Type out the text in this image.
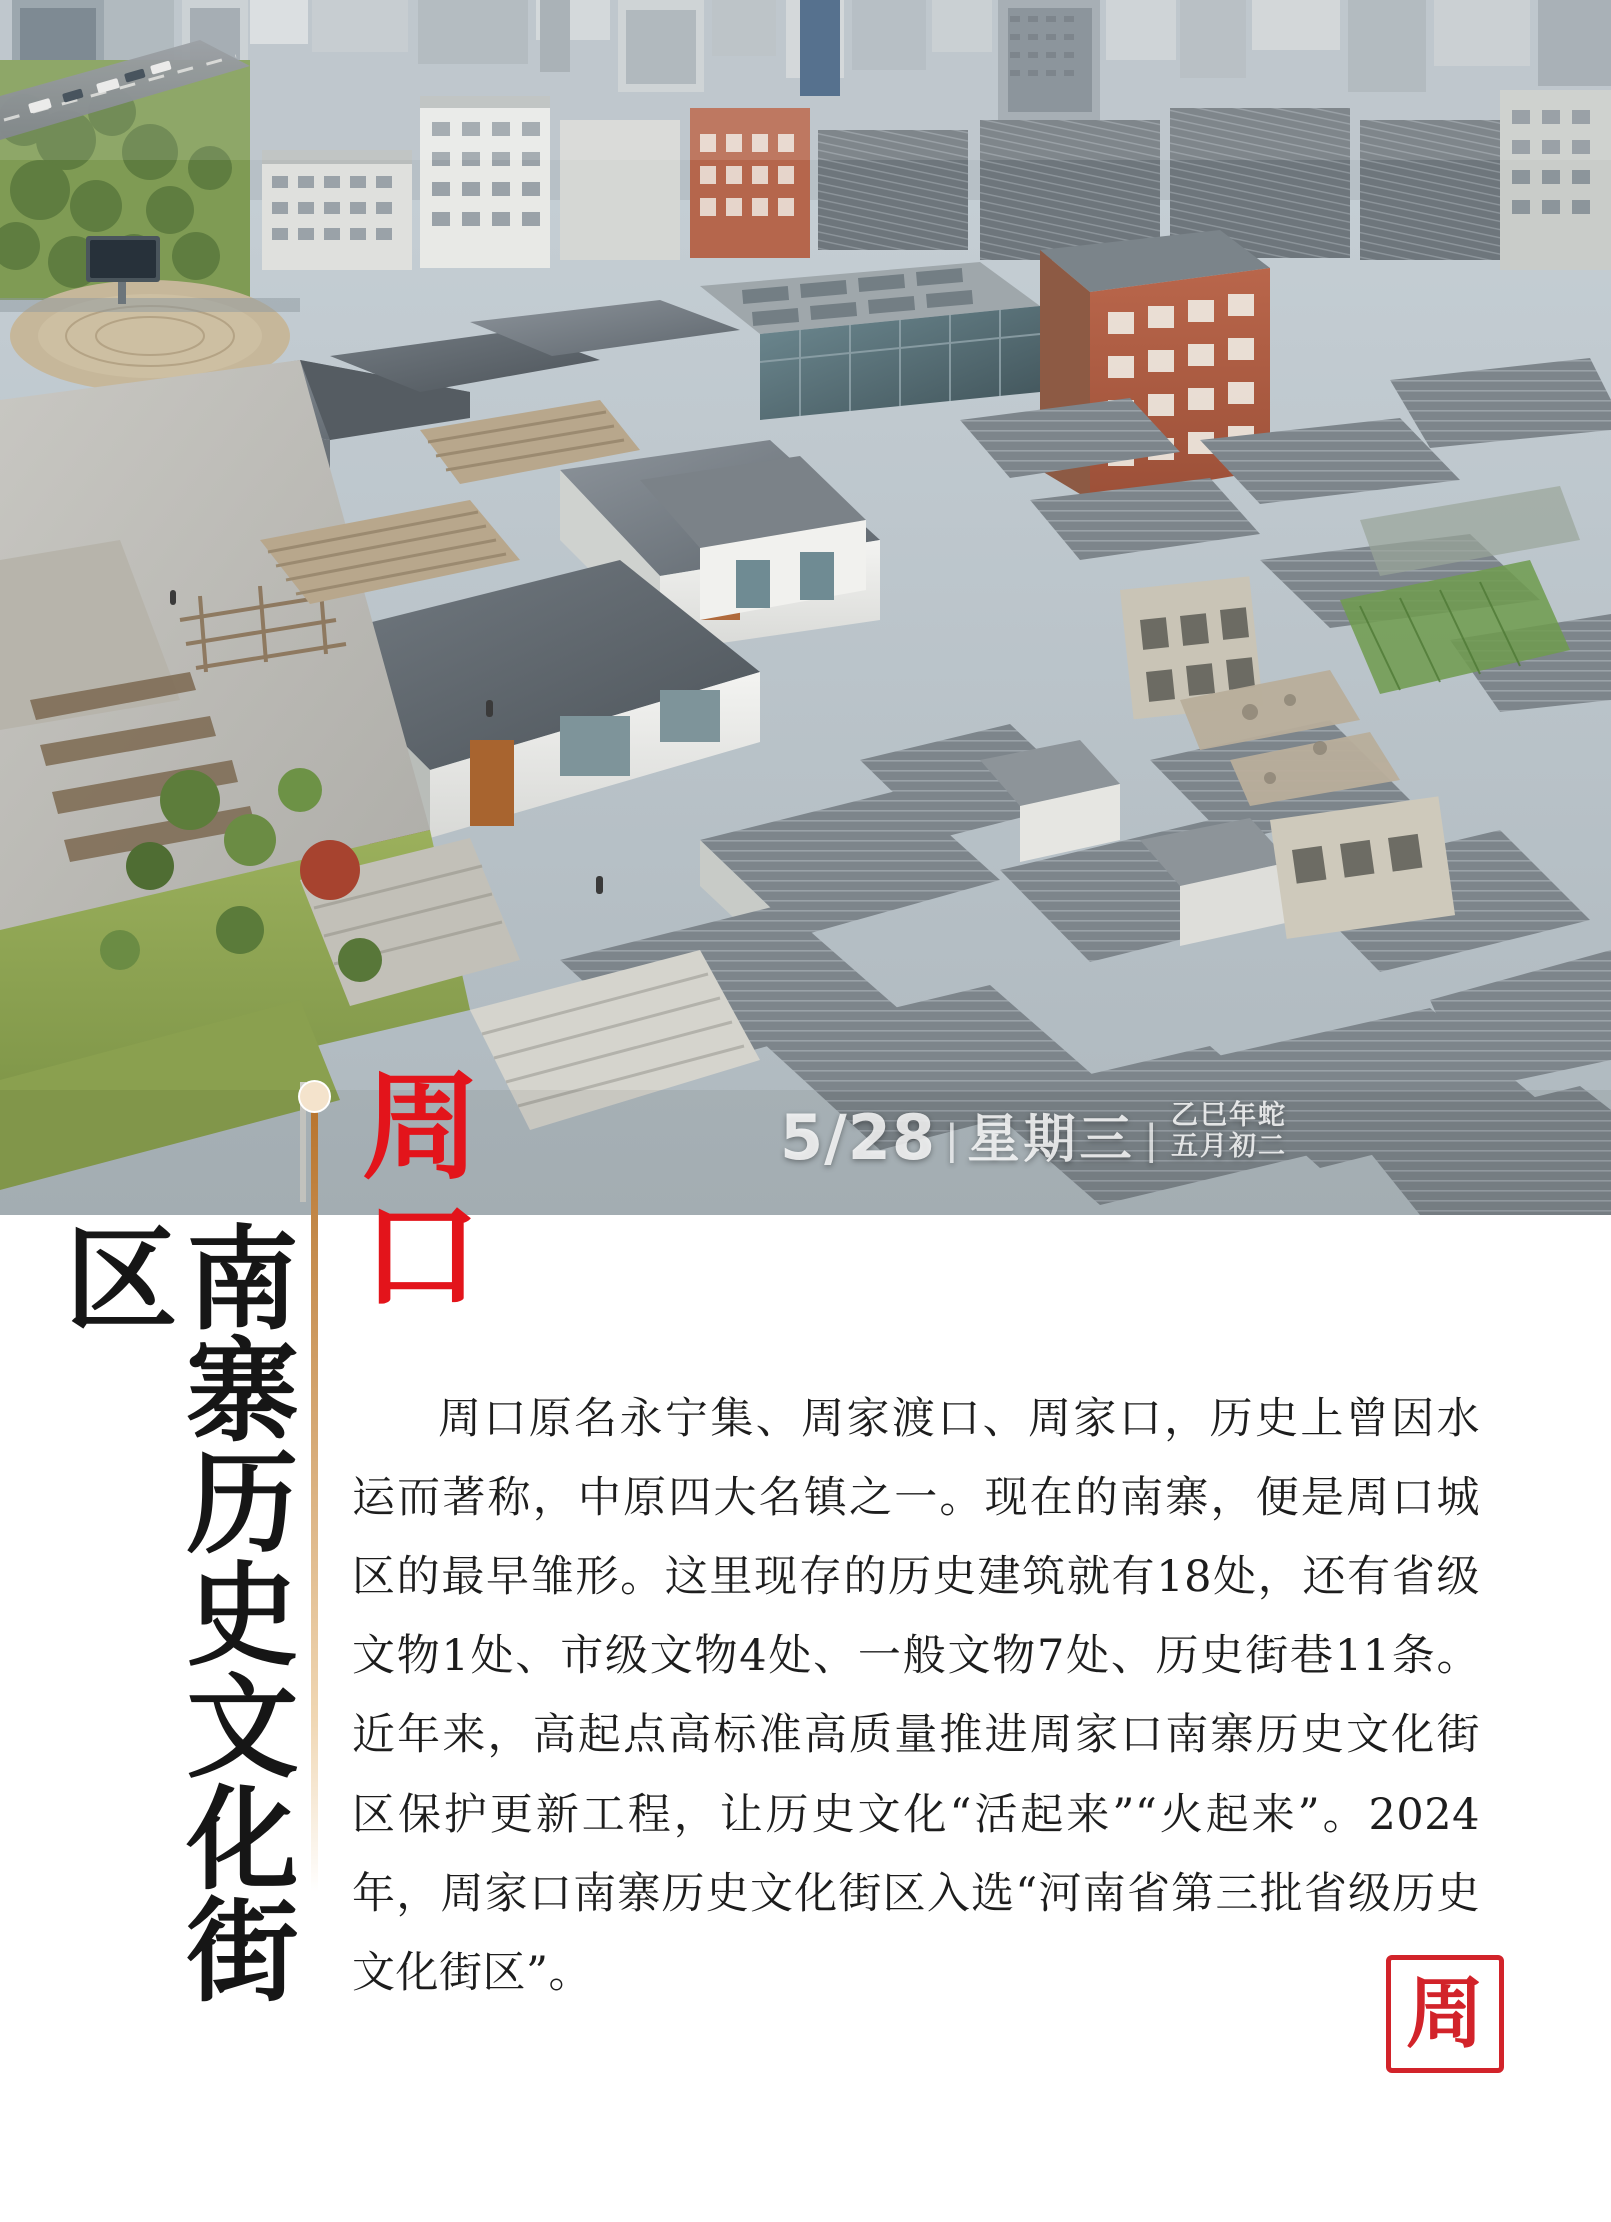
5/28 | 星期三 |
乙巳年蛇
五月初二
周
口
南寨历史文化街区
周口原名永宁集、周家渡口、周家口，历史上曾因水运而著称，中原四大名镇之一。现在的南寨，便是周口城区的最早雏形。这里现存的历史建筑就有18处，还有省级文物1处、市级文物4处、一般文物7处、历史街巷11条。近年来，高起点高标准高质量推进周家口南寨历史文化街区保护更新工程，让历史文化“活起来”“火起来”。2024年，周家口南寨历史文化街区入选“河南省第三批省级历史文化街区”。	周
